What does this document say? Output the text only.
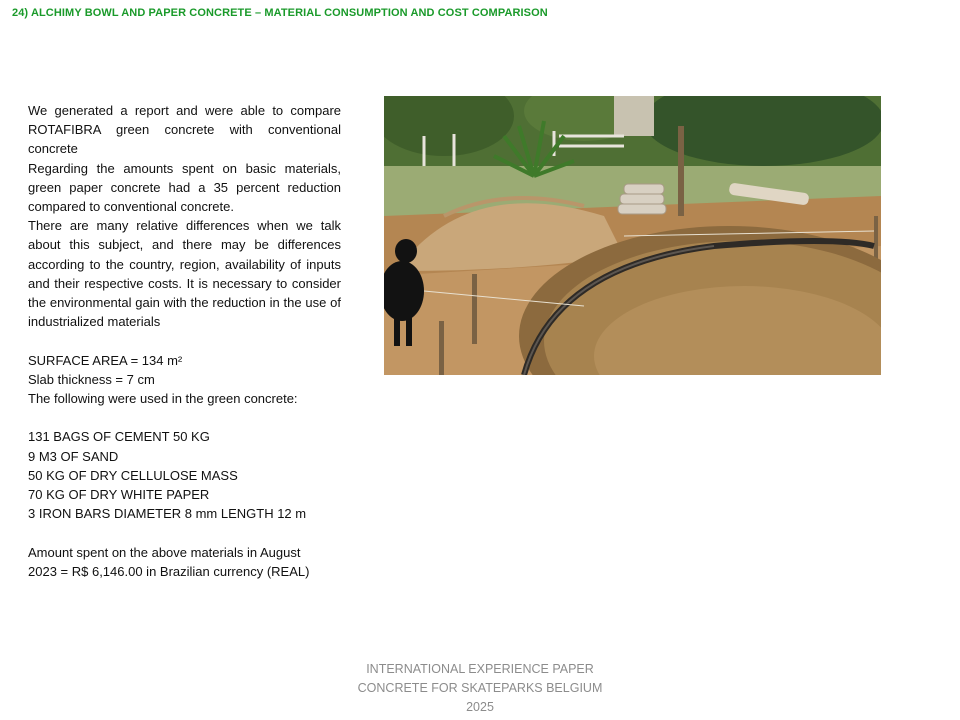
24) ALCHIMY BOWL AND PAPER CONCRETE – MATERIAL CONSUMPTION AND COST COMPARISON

We generated a report and were able to compare ROTAFIBRA green concrete with conventional concrete

Regarding the amounts spent on basic materials, green paper concrete had a 35 percent reduction compared to conventional concrete.

There are many relative differences when we talk about this subject, and there may be differences according to the country, region, availability of inputs and their respective costs. It is necessary to consider the environmental gain with the reduction in the use of industrialized materials

SURFACE AREA = 134 m²
Slab thickness = 7 cm
The following were used in the green concrete:
131 BAGS OF CEMENT 50 KG
9 M3 OF SAND
50 KG OF DRY CELLULOSE MASS
70 KG OF DRY WHITE PAPER
3 IRON BARS DIAMETER 8 mm LENGTH 12 m
Amount spent on the above materials in August
2023 = R$ 6,146.00 in Brazilian currency (REAL)
INTERNATIONAL EXPERIENCE PAPER
CONCRETE FOR SKATEPARKS BELGIUM
2025
